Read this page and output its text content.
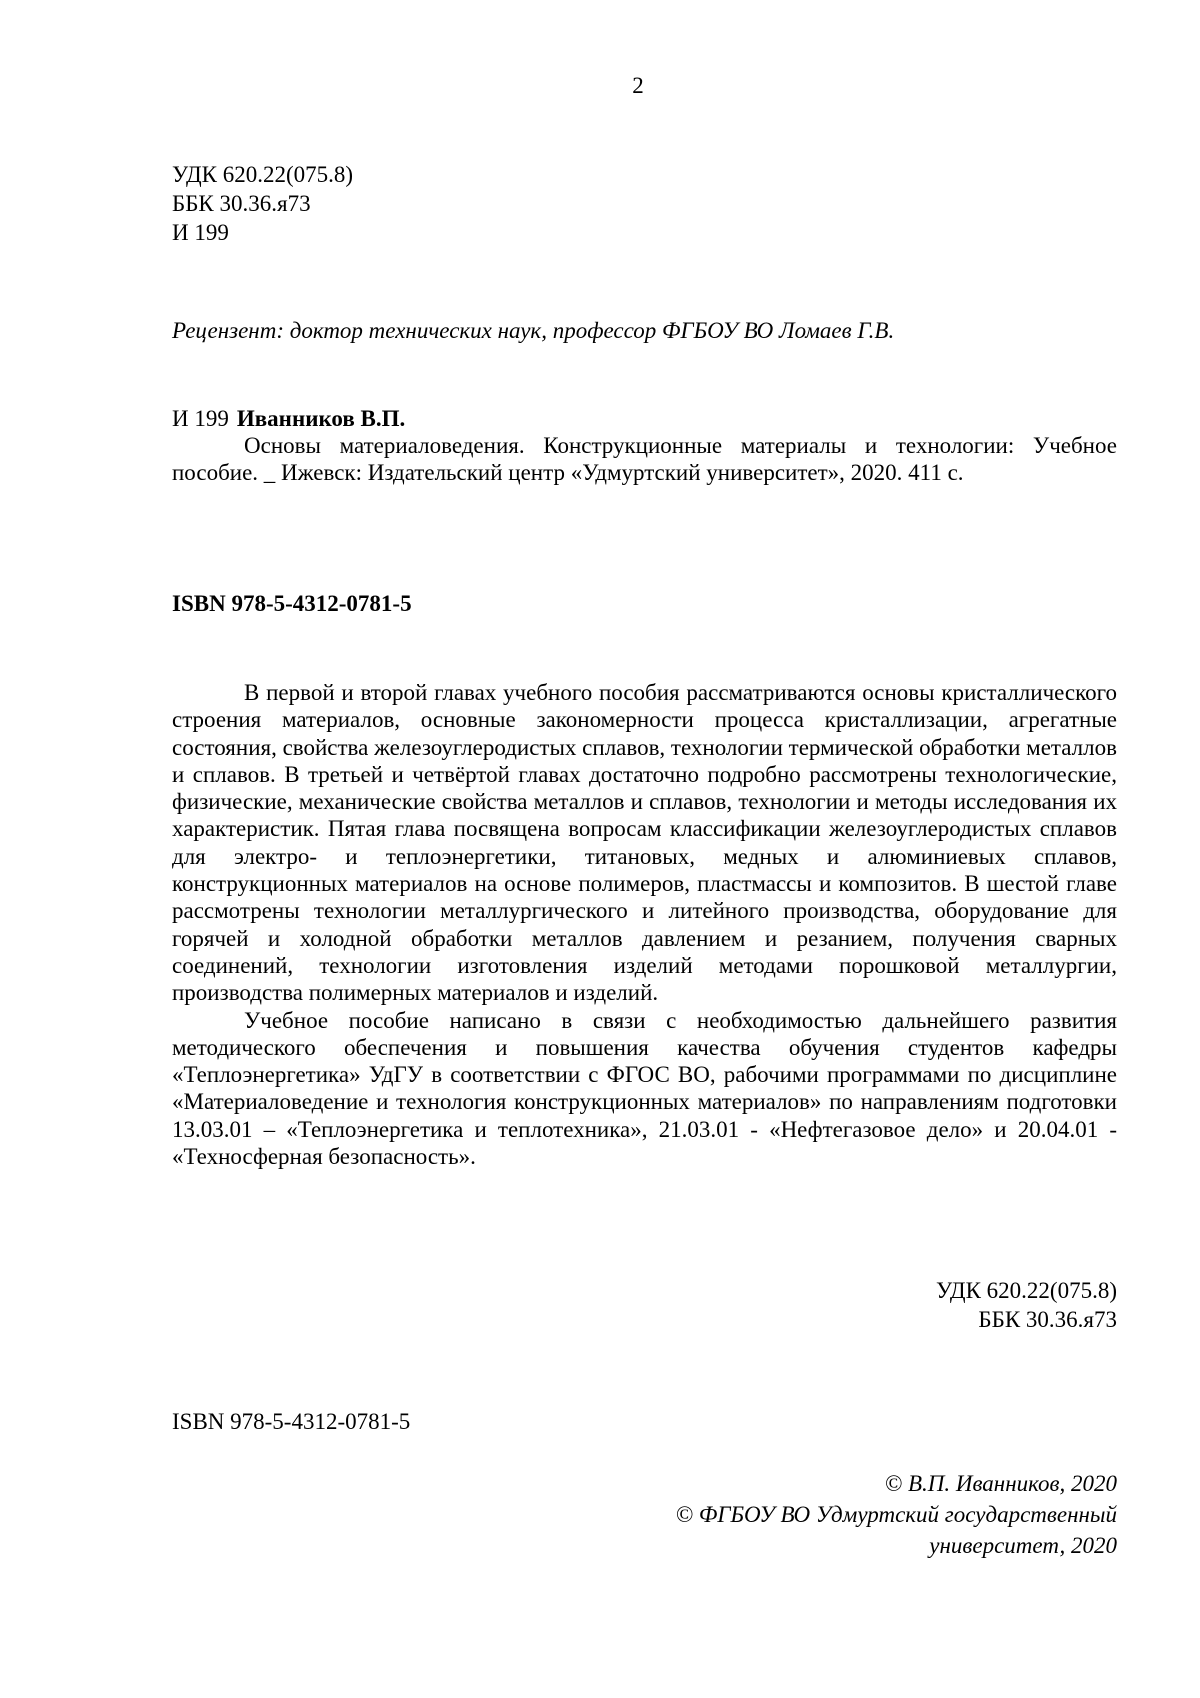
2
УДК 620.22(075.8)
ББК 30.36.я73
И 199
Рецензент: доктор технических наук, профессор ФГБОУ ВО Ломаев Г.В.
И 199 Иванников В.П.
Основы материаловедения. Конструкционные материалы и технологии: Учебное пособие. _ Ижевск: Издательский центр «Удмуртский университет», 2020. 411 с.
ISBN 978-5-4312-0781-5

В первой и второй главах учебного пособия рассматриваются основы кристаллического строения материалов, основные закономерности процесса кристаллизации, агрегатные состояния, свойства железоуглеродистых сплавов, технологии термической обработки металлов и сплавов. В третьей и четвёртой главах достаточно подробно рассмотрены технологические, физические, механические свойства металлов и сплавов, технологии и методы исследования их характеристик. Пятая глава посвящена вопросам классификации железоуглеродистых сплавов для электро- и теплоэнергетики, титановых, медных и алюминиевых сплавов, конструкционных материалов на основе полимеров, пластмассы и композитов. В шестой главе рассмотрены технологии металлургического и литейного производства, оборудование для горячей и холодной обработки металлов давлением и резанием, получения сварных соединений, технологии изготовления изделий методами порошковой металлургии, производства полимерных материалов и изделий.

Учебное пособие написано в связи с необходимостью дальнейшего развития методического обеспечения и повышения качества обучения студентов кафедры «Теплоэнергетика» УдГУ в соответствии с ФГОС ВО, рабочими программами по дисциплине «Материаловедение и технология конструкционных материалов» по направлениям подготовки 13.03.01 – «Теплоэнергетика и теплотехника», 21.03.01 - «Нефтегазовое дело» и 20.04.01 - «Техносферная безопасность».

УДК 620.22(075.8)
ББК 30.36.я73
ISBN 978-5-4312-0781-5
© В.П. Иванников, 2020
© ФГБОУ ВО Удмуртский государственный
университет, 2020
